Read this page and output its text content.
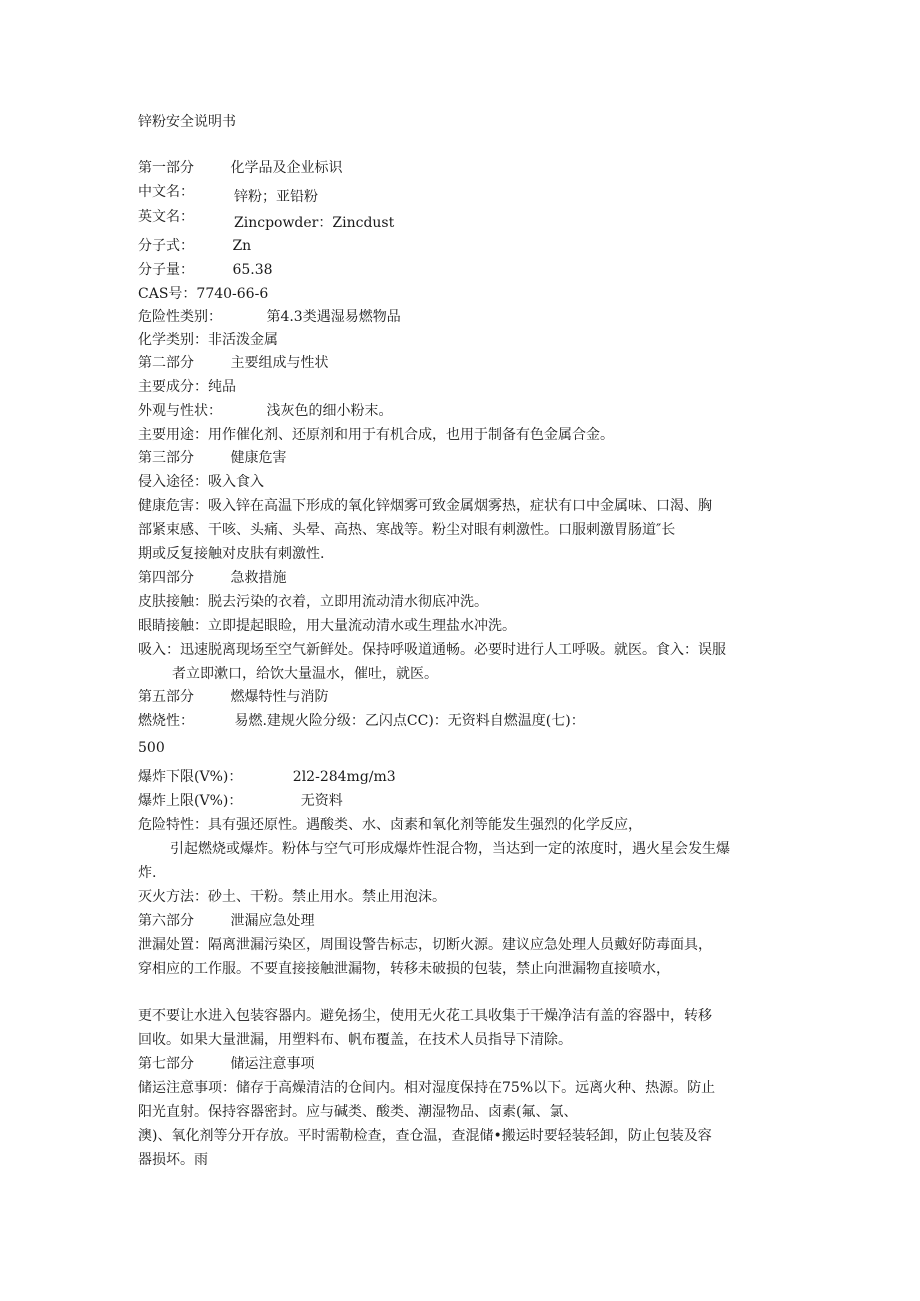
锌粉安全说明书
第一部分	化学品及企业标识
中文名：	锌粉；亚铅粉
英文名：	Zincpowder：Zincdust
分子式：	Zn
分子量：	65.38
CAS号：7740-66-6
危险性类别：	第4.3类遇湿易燃物品
化学类别：非活泼金属
第二部分	主要组成与性状
主要成分：纯品
外观与性状：	浅灰色的细小粉末。
主要用途：用作催化剂、还原剂和用于有机合成，也用于制备有色金属合金。
第三部分	健康危害
侵入途径：吸入食入
健康危害：吸入锌在高温下形成的氧化锌烟雾可致金属烟雾热，症状有口中金属味、口渴、胸
部紧束感、干咳、头痛、头晕、高热、寒战等。粉尘对眼有刺激性。口服刺激胃肠道″长
期或反复接触对皮肤有刺激性.
第四部分	急救措施
皮肤接触：脱去污染的衣着，立即用流动清水彻底冲洗。
眼睛接触：立即提起眼睑，用大量流动清水或生理盐水冲洗。
吸入：迅速脱离现场至空气新鲜处。保持呼吸道通畅。必要时进行人工呼吸。就医。食入：误服
者立即漱口，给饮大量温水，催吐，就医。
第五部分	燃爆特性与消防
燃烧性：	易燃.建规火险分级：乙闪点CC)：无资料自燃温度(七)：
500
爆炸下限(V%)：	2l2-284mg∕m3
爆炸上限(V%)：	无资料
危险特性：具有强还原性。遇酸类、水、卤素和氧化剂等能发生强烈的化学反应，
引起燃烧或爆炸。粉体与空气可形成爆炸性混合物，当达到一定的浓度时，遇火星会发生爆
炸.
灭火方法：砂土、干粉。禁止用水。禁止用泡沫。
第六部分	泄漏应急处理
泄漏处置：隔离泄漏污染区，周围设警告标志，切断火源。建议应急处理人员戴好防毒面具，
穿相应的工作服。不要直接接触泄漏物，转移未破损的包装，禁止向泄漏物直接喷水，
更不要让水进入包装容器内。避免扬尘，使用无火花工具收集于干燥净洁有盖的容器中，转移
回收。如果大量泄漏，用塑料布、帆布覆盖，在技术人员指导下清除。
第七部分	储运注意事项
储运注意事项：储存于高燥清洁的仓间内。相对湿度保持在75%以下。远离火种、热源。防止
阳光直射。保持容器密封。应与碱类、酸类、潮湿物品、卤素(氟、氯、
澳)、氧化剂等分开存放。平时需勒检查，查仓温，查混储•搬运时要轻装轻卸，防止包装及容
器损坏。雨
